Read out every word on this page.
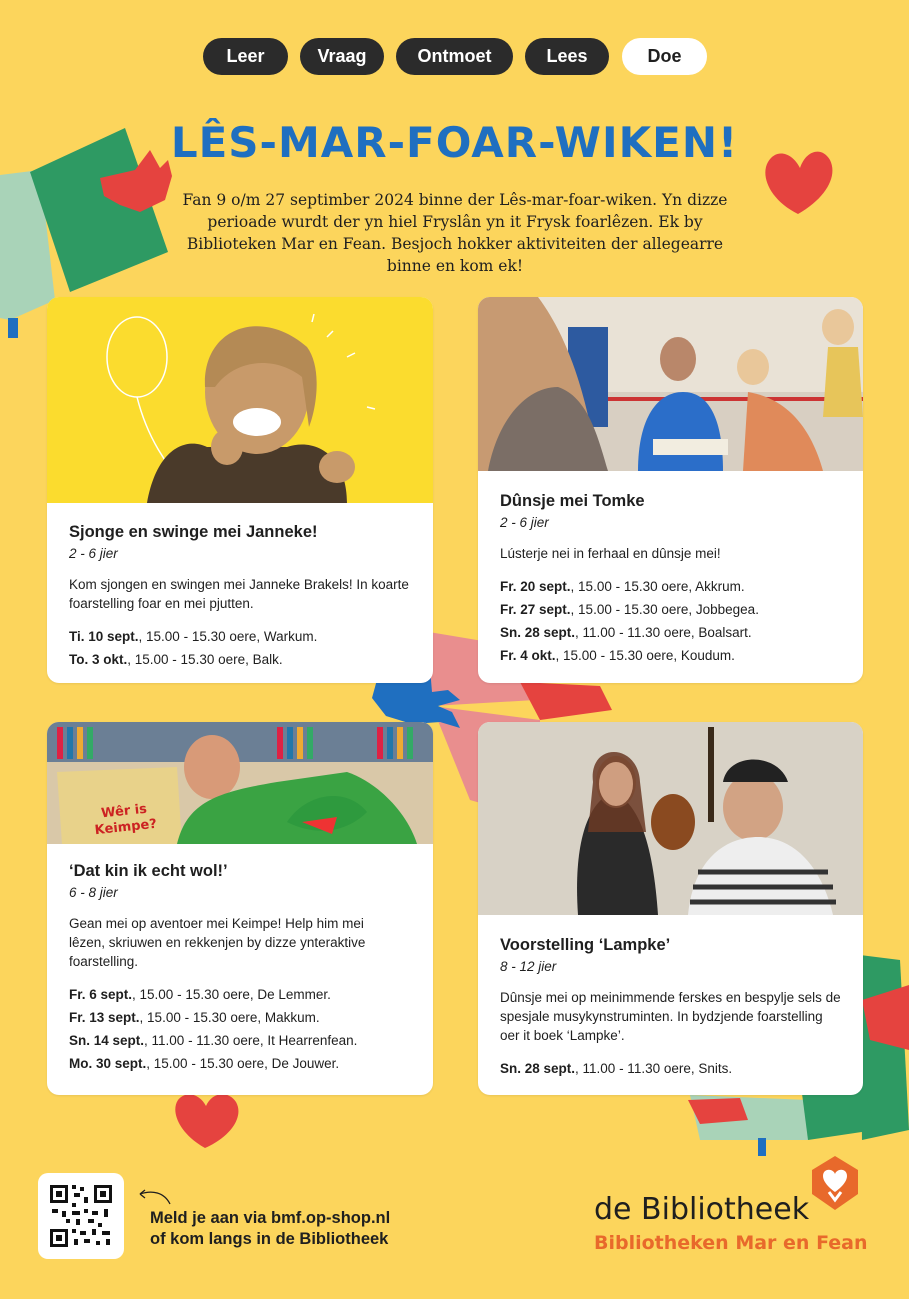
Leer	Vraag	Ontmoet	Lees	Doe
LÊS-MAR-FOAR-WIKEN!
Fan 9 o/m 27 septimber 2024 binne der Lês-mar-foar-wiken. Yn dizze perioade wurdt der yn hiel Fryslân yn it Frysk foarlêzen. Ek by Biblioteken Mar en Fean. Besjoch hokker aktiviteiten der allegearre binne en kom ek!

Sjonge en swinge mei Janneke!

2 - 6 jier

Kom sjongen en swingen mei Janneke Brakels! In koarte foarstelling foar en mei pjutten.

Ti. 10 sept., 15.00 - 15.30 oere, Warkum.

To. 3 okt., 15.00 - 15.30 oere, Balk.

Dûnsje mei Tomke

2 - 6 jier

Lústerje nei in ferhaal en dûnsje mei!

Fr. 20 sept., 15.00 - 15.30 oere, Akkrum.

Fr. 27 sept., 15.00 - 15.30 oere, Jobbegea.

Sn. 28 sept., 11.00 - 11.30 oere, Boalsart.

Fr. 4 okt., 15.00 - 15.30 oere, Koudum.

Wêr is Keimpe?

‘Dat kin ik echt wol!’

6 - 8 jier

Gean mei op aventoer mei Keimpe! Help him mei lêzen, skriuwen en rekkenjen by dizze ynteraktive foarstelling.

Fr. 6 sept., 15.00 - 15.30 oere, De Lemmer.

Fr. 13 sept., 15.00 - 15.30 oere, Makkum.

Sn. 14 sept., 11.00 - 11.30 oere, It Hearrenfean.

Mo. 30 sept., 15.00 - 15.30 oere, De Jouwer.

Voorstelling ‘Lampke’

8 - 12 jier

Dûnsje mei op meinimmende ferskes en bespylje sels de spesjale musykynstruminten. In bydzjende foarstelling oer it boek ‘Lampke’.

Sn. 28 sept., 11.00 - 11.30 oere, Snits.

Meld je aan via bmf.op-shop.nl
of kom langs in de Bibliotheek
de Bibliotheek
Bibliotheken Mar en Fean
